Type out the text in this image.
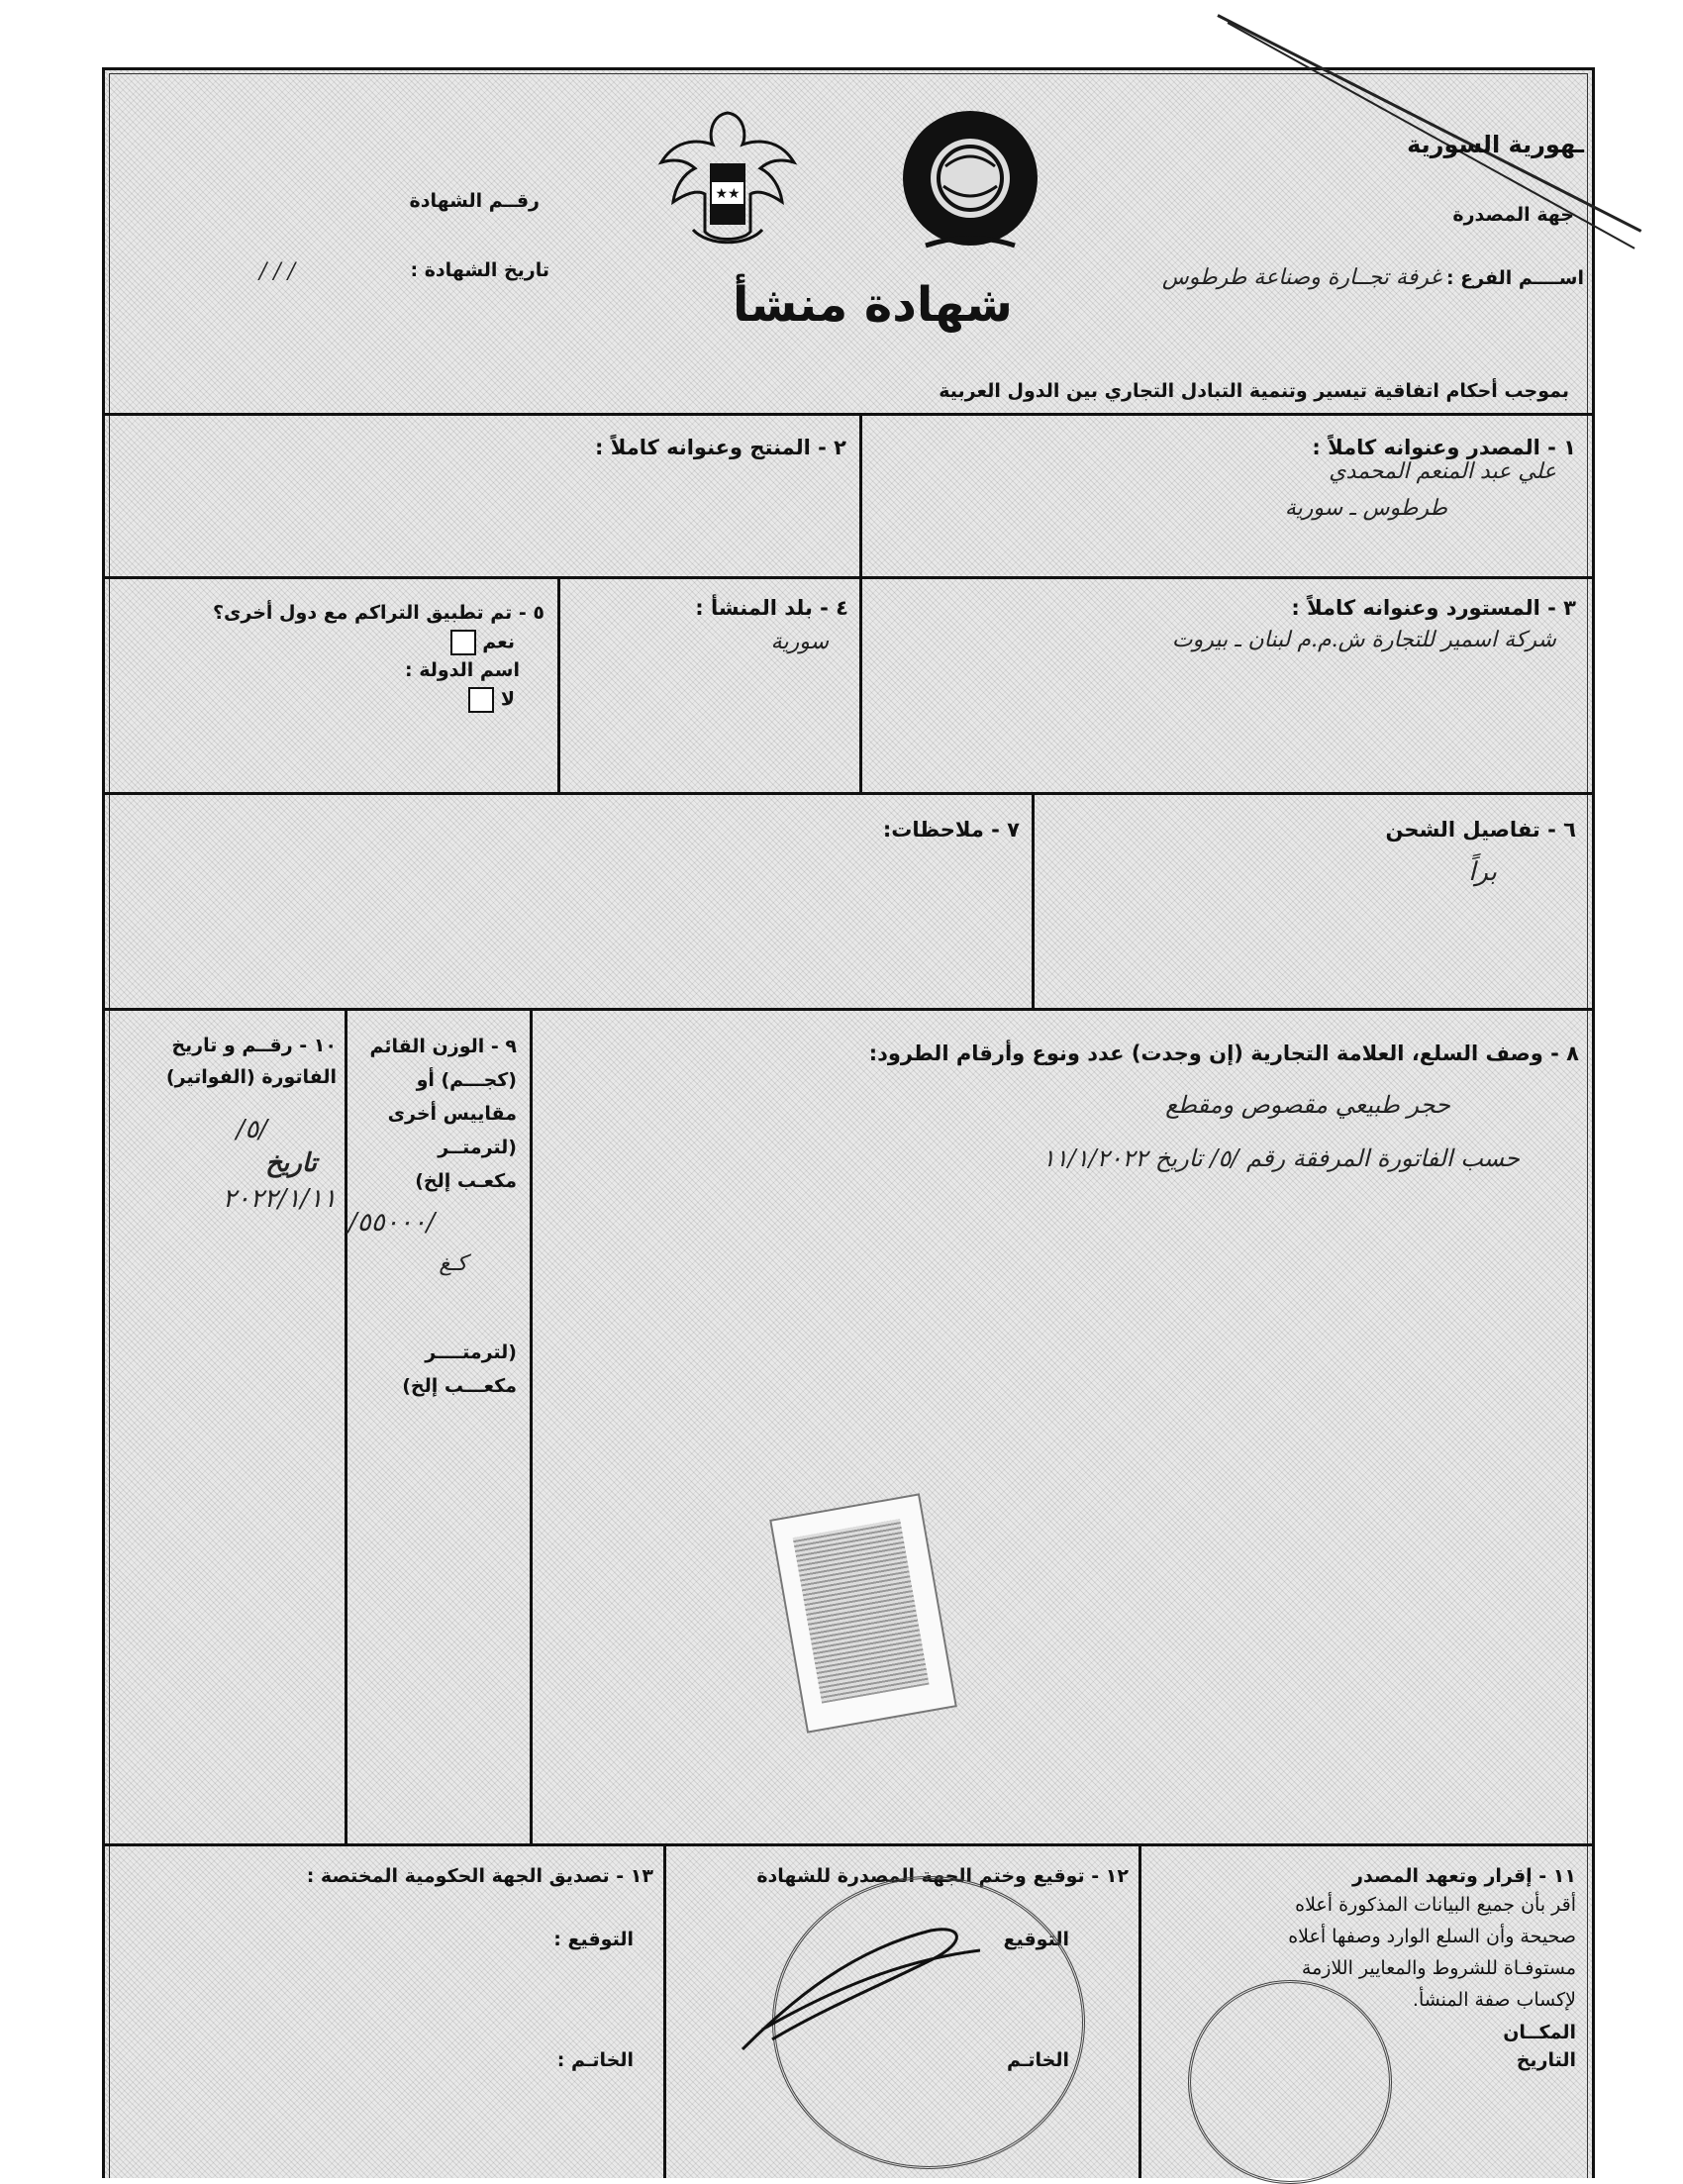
ـهورية السورية
جهة المصدرة
اســــم الفرع : غرفة تجــارة وصناعة طرطوس
شهادة منشأ
رقــم الشهادة
تاريخ الشهادة :
/ / /
★★
بموجب أحكام اتفاقية تيسير وتنمية التبادل التجاري بين الدول العربية
١ - المصدر وعنوانه كاملاً :
علي عبد المنعم المحمدي
طرطوس ـ سورية
٢ - المنتج وعنوانه كاملاً :
٣ - المستورد وعنوانه كاملاً :
شركة اسمير للتجارة ش.م.م لبنان ـ بيروت
٤ - بلد المنشأ :
سورية
٥ - تم تطبيق التراكم مع دول أخرى؟
نعم
اسم الدولة :
لا
٦ - تفاصيل الشحن
براً
٧ - ملاحظات:
٨ - وصف السلع، العلامة التجارية (إن وجدت) عدد ونوع وأرقام الطرود:
حجر طبيعي مقصوص ومقطع
حسب الفاتورة المرفقة رقم /٥/ تاريخ ١١/١/٢٠٢٢
٩ - الوزن القائم
(كجـــم) أو
مقاييس أخرى
(لترمتــر
مكعـب إلخ)
/٥٥٠٠٠/
كـغ
(لترمتــــر
مكعـــب إلخ)
١٠ - رقــم و تاريخ
الفاتورة (الفواتير)
/٥/
تاريخ
٢٠٢٢/١/١١
١١ - إقرار وتعهد المصدر
أقر بأن جميع البيانات المذكورة أعلاه
صحيحة وأن السلع الوارد وصفها أعلاه
مستوفـاة للشروط والمعايير اللازمة
لإكساب صفة المنشأ.
المكــان
التاريخ
١٢ - توقيع وختم الجهة المصدرة للشهادة
التوقيع
الخاتـم
١٣ - تصديق الجهة الحكومية المختصة :
التوقيع :
الخاتـم :
